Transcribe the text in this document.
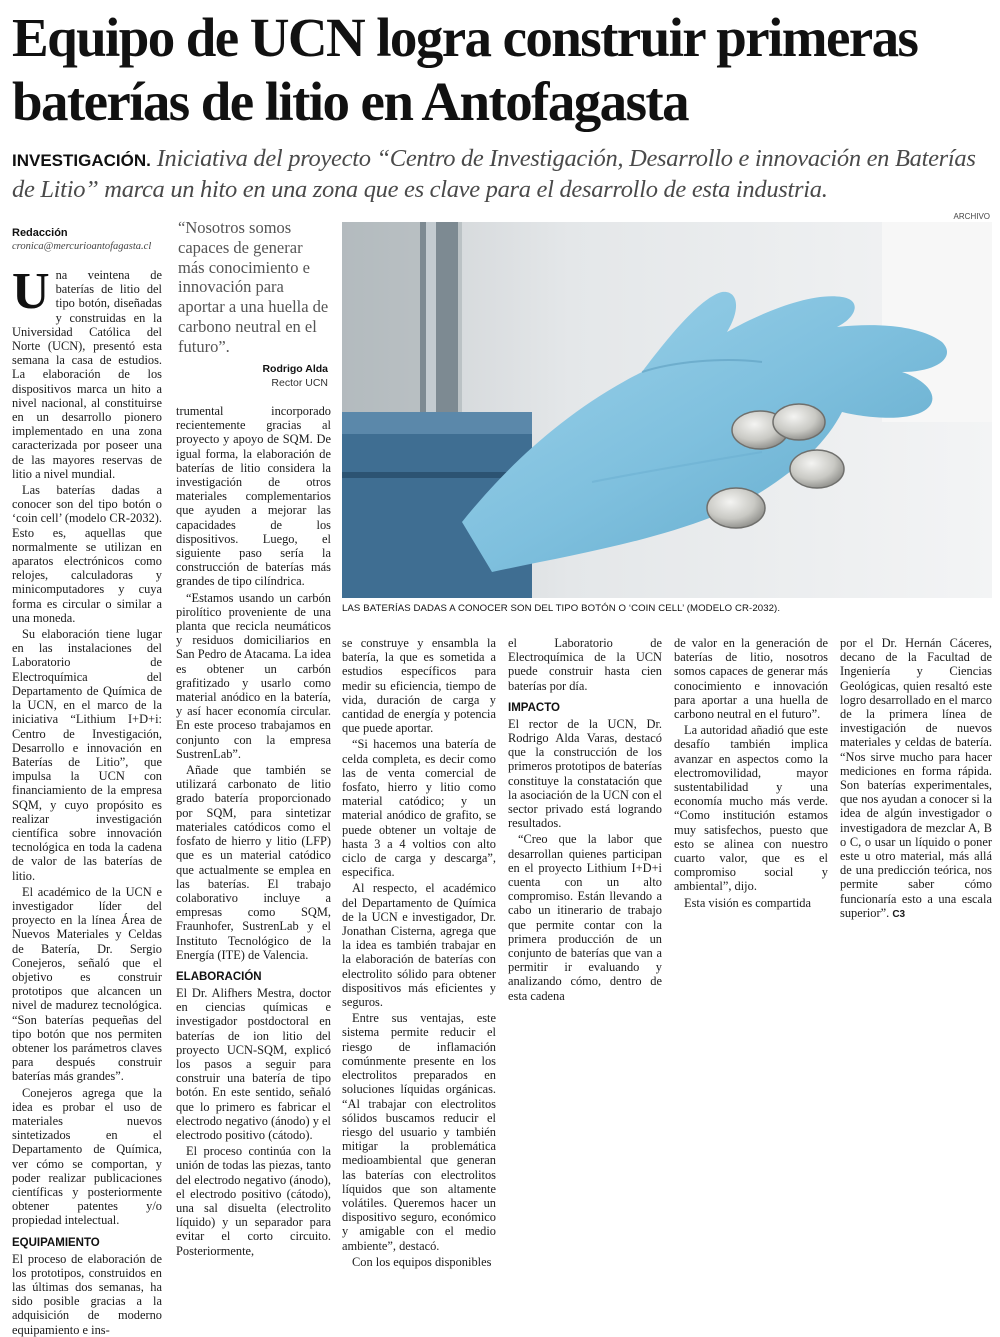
Equipo de UCN logra construir primeras baterías de litio en Antofagasta
INVESTIGACIÓN. Iniciativa del proyecto “Centro de Investigación, Desarrollo e innovación en Baterías de Litio” marca un hito en una zona que es clave para el desarrollo de esta industria.
Redacción
cronica@mercurioantofagasta.cl
“Nosotros somos capaces de generar más conocimiento e innovación para aportar a una huella de carbono neutral en el futuro”.
Rodrigo Alda
Rector UCN
ARCHIVO
LAS BATERÍAS DADAS A CONOCER SON DEL TIPO BOTÓN O ‘COIN CELL’ (MODELO CR-2032).

Una veintena de baterías de litio del tipo botón, diseñadas y construidas en la Universidad Católica del Norte (UCN), presentó esta semana la casa de estudios. La elaboración de los dispositivos marca un hito a nivel nacional, al constituirse en un desarrollo pionero implementado en una zona caracterizada por poseer una de las mayores reservas de litio a nivel mundial.

Las baterías dadas a conocer son del tipo botón o ‘coin cell’ (modelo CR-2032). Esto es, aquellas que normalmente se utilizan en aparatos electrónicos como relojes, calculadoras y minicomputadores y cuya forma es circular o similar a una moneda.

Su elaboración tiene lugar en las instalaciones del Laboratorio de Electroquímica del Departamento de Química de la UCN, en el marco de la iniciativa “Lithium I+D+i: Centro de Investigación, Desarrollo e innovación en Baterías de Litio”, que impulsa la UCN con financiamiento de la empresa SQM, y cuyo propósito es realizar investigación científica sobre innovación tecnológica en toda la cadena de valor de las baterías de litio.

El académico de la UCN e investigador líder del proyecto en la línea Área de Nuevos Materiales y Celdas de Batería, Dr. Sergio Conejeros, señaló que el objetivo es construir prototipos que alcancen un nivel de madurez tecnológica. “Son baterías pequeñas del tipo botón que nos permiten obtener los parámetros claves para después construir baterías más grandes”.

Conejeros agrega que la idea es probar el uso de materiales nuevos sintetizados en el Departamento de Química, ver cómo se comportan, y poder realizar publicaciones científicas y posteriormente obtener patentes y/o propiedad intelectual.

EQUIPAMIENTO

El proceso de elaboración de los prototipos, construidos en las últimas dos semanas, ha sido posible gracias a la adquisición de moderno equipamiento e ins-

trumental incorporado recientemente gracias al proyecto y apoyo de SQM. De igual forma, la elaboración de baterías de litio considera la investigación de otros materiales complementarios que ayuden a mejorar las capacidades de los dispositivos. Luego, el siguiente paso sería la construcción de baterías más grandes de tipo cilíndrica.

“Estamos usando un carbón pirolítico proveniente de una planta que recicla neumáticos y residuos domiciliarios en San Pedro de Atacama. La idea es obtener un carbón grafitizado y usarlo como material anódico en la batería, y así hacer economía circular. En este proceso trabajamos en conjunto con la empresa SustrenLab”.

Añade que también se utilizará carbonato de litio grado batería proporcionado por SQM, para sintetizar materiales catódicos como el fosfato de hierro y litio (LFP) que es un material catódico que actualmente se emplea en las baterías. El trabajo colaborativo incluye a empresas como SQM, Fraunhofer, SustrenLab y el Instituto Tecnológico de la Energía (ITE) de Valencia.

ELABORACIÓN

El Dr. Alifhers Mestra, doctor en ciencias químicas e investigador postdoctoral en baterías de ion litio del proyecto UCN-SQM, explicó los pasos a seguir para construir una batería de tipo botón. En este sentido, señaló que lo primero es fabricar el electrodo negativo (ánodo) y el electrodo positivo (cátodo).

El proceso continúa con la unión de todas las piezas, tanto del electrodo negativo (ánodo), el electrodo positivo (cátodo), una sal disuelta (electrolito líquido) y un separador para evitar el corto circuito. Posteriormente,

se construye y ensambla la batería, la que es sometida a estudios específicos para medir su eficiencia, tiempo de vida, duración de carga y cantidad de energía y potencia que puede aportar.

“Si hacemos una batería de celda completa, es decir como las de venta comercial de fosfato, hierro y litio como material catódico; y un material anódico de grafito, se puede obtener un voltaje de hasta 3 a 4 voltios con alto ciclo de carga y descarga”, especifica.

Al respecto, el académico del Departamento de Química de la UCN e investigador, Dr. Jonathan Cisterna, agrega que la idea es también trabajar en la elaboración de baterías con electrolito sólido para obtener dispositivos más eficientes y seguros.

Entre sus ventajas, este sistema permite reducir el riesgo de inflamación comúnmente presente en los electrolitos preparados en soluciones líquidas orgánicas. “Al trabajar con electrolitos sólidos buscamos reducir el riesgo del usuario y también mitigar la problemática medioambiental que generan las baterías con electrolitos líquidos que son altamente volátiles. Queremos hacer un dispositivo seguro, económico y amigable con el medio ambiente”, destacó.

Con los equipos disponibles

el Laboratorio de Electroquímica de la UCN puede construir hasta cien baterías por día.

IMPACTO

El rector de la UCN, Dr. Rodrigo Alda Varas, destacó que la construcción de los primeros prototipos de baterías constituye la constatación que la asociación de la UCN con el sector privado está logrando resultados.

“Creo que la labor que desarrollan quienes participan en el proyecto Lithium I+D+i cuenta con un alto compromiso. Están llevando a cabo un itinerario de trabajo que permite contar con la primera producción de un conjunto de baterías que van a permitir ir evaluando y analizando cómo, dentro de esta cadena

de valor en la generación de baterías de litio, nosotros somos capaces de generar más conocimiento e innovación para aportar a una huella de carbono neutral en el futuro”.

La autoridad añadió que este desafío también implica avanzar en aspectos como la electromovilidad, mayor sustentabilidad y una economía mucho más verde. “Como institución estamos muy satisfechos, puesto que esto se alinea con nuestro cuarto valor, que es el compromiso social y ambiental”, dijo.

Esta visión es compartida

por el Dr. Hernán Cáceres, decano de la Facultad de Ingeniería y Ciencias Geológicas, quien resaltó este logro desarrollado en el marco de la primera línea de investigación de nuevos materiales y celdas de batería. “Nos sirve mucho para hacer mediciones en forma rápida. Son baterías experimentales, que nos ayudan a conocer si la idea de algún investigador o investigadora de mezclar A, B o C, o usar un líquido o poner este u otro material, más allá de una predicción teórica, nos permite saber cómo funcionaría esto a una escala superior”. C3
